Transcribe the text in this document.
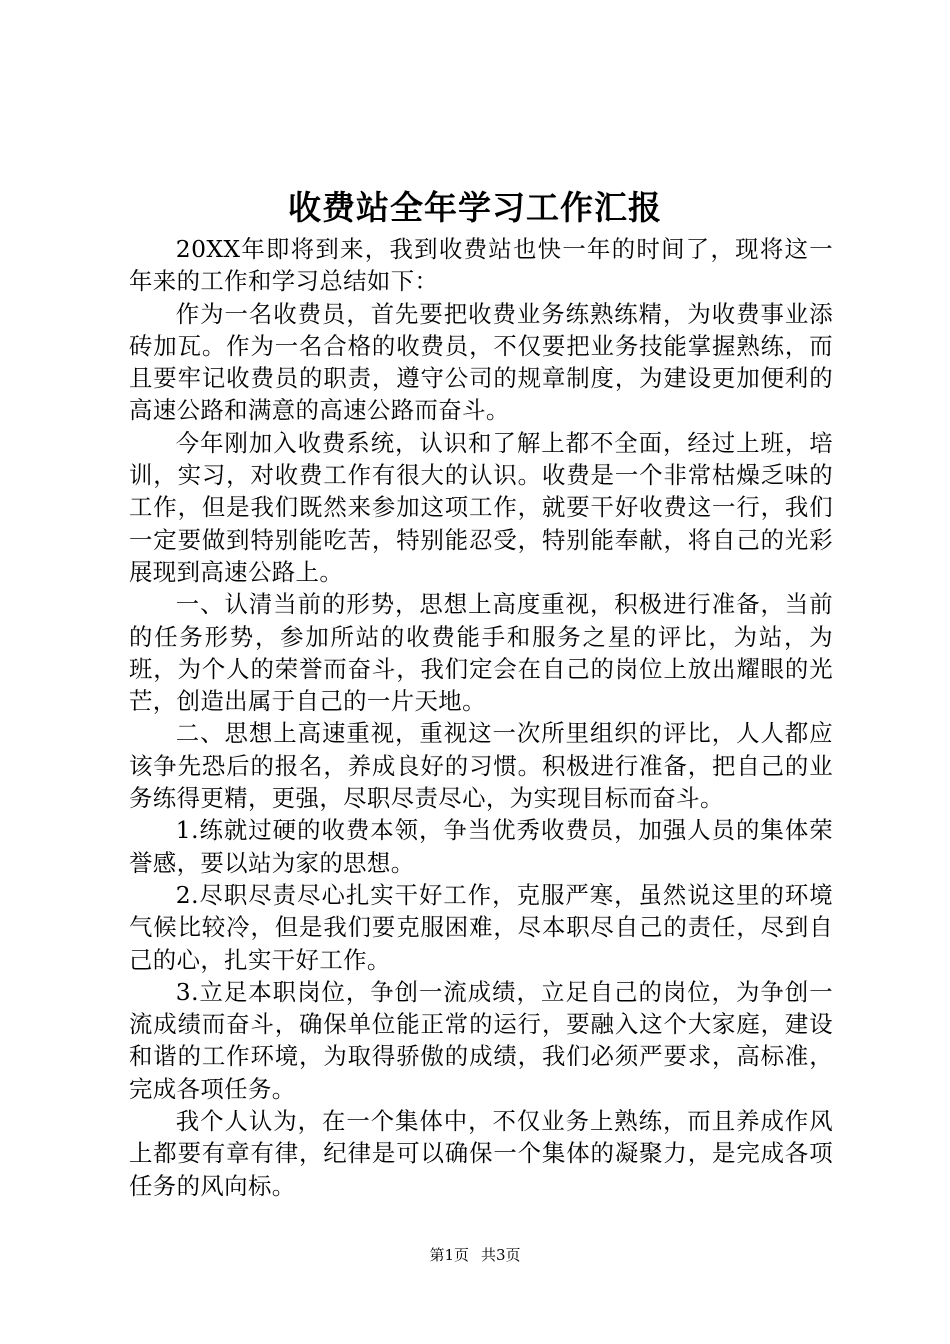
收费站全年学习工作汇报

20XX年即将到来，我到收费站也快一年的时间了，现将这一年来的工作和学习总结如下：

作为一名收费员，首先要把收费业务练熟练精，为收费事业添砖加瓦。作为一名合格的收费员，不仅要把业务技能掌握熟练，而且要牢记收费员的职责，遵守公司的规章制度，为建设更加便利的高速公路和满意的高速公路而奋斗。

今年刚加入收费系统，认识和了解上都不全面，经过上班，培训，实习，对收费工作有很大的认识。收费是一个非常枯燥乏味的工作，但是我们既然来参加这项工作，就要干好收费这一行，我们一定要做到特别能吃苦，特别能忍受，特别能奉献，将自己的光彩展现到高速公路上。

一、认清当前的形势，思想上高度重视，积极进行准备，当前的任务形势，参加所站的收费能手和服务之星的评比，为站，为班，为个人的荣誉而奋斗，我们定会在自己的岗位上放出耀眼的光芒，创造出属于自己的一片天地。

二、思想上高速重视，重视这一次所里组织的评比，人人都应该争先恐后的报名，养成良好的习惯。积极进行准备，把自己的业务练得更精，更强，尽职尽责尽心，为实现目标而奋斗。

1.练就过硬的收费本领，争当优秀收费员，加强人员的集体荣誉感，要以站为家的思想。

2.尽职尽责尽心扎实干好工作，克服严寒，虽然说这里的环境气候比较冷，但是我们要克服困难，尽本职尽自己的责任，尽到自己的心，扎实干好工作。

3.立足本职岗位，争创一流成绩，立足自己的岗位，为争创一流成绩而奋斗，确保单位能正常的运行，要融入这个大家庭，建设和谐的工作环境，为取得骄傲的成绩，我们必须严要求，高标准，完成各项任务。

我个人认为，在一个集体中，不仅业务上熟练，而且养成作风上都要有章有律，纪律是可以确保一个集体的凝聚力，是完成各项任务的风向标。

第1页 共3页
